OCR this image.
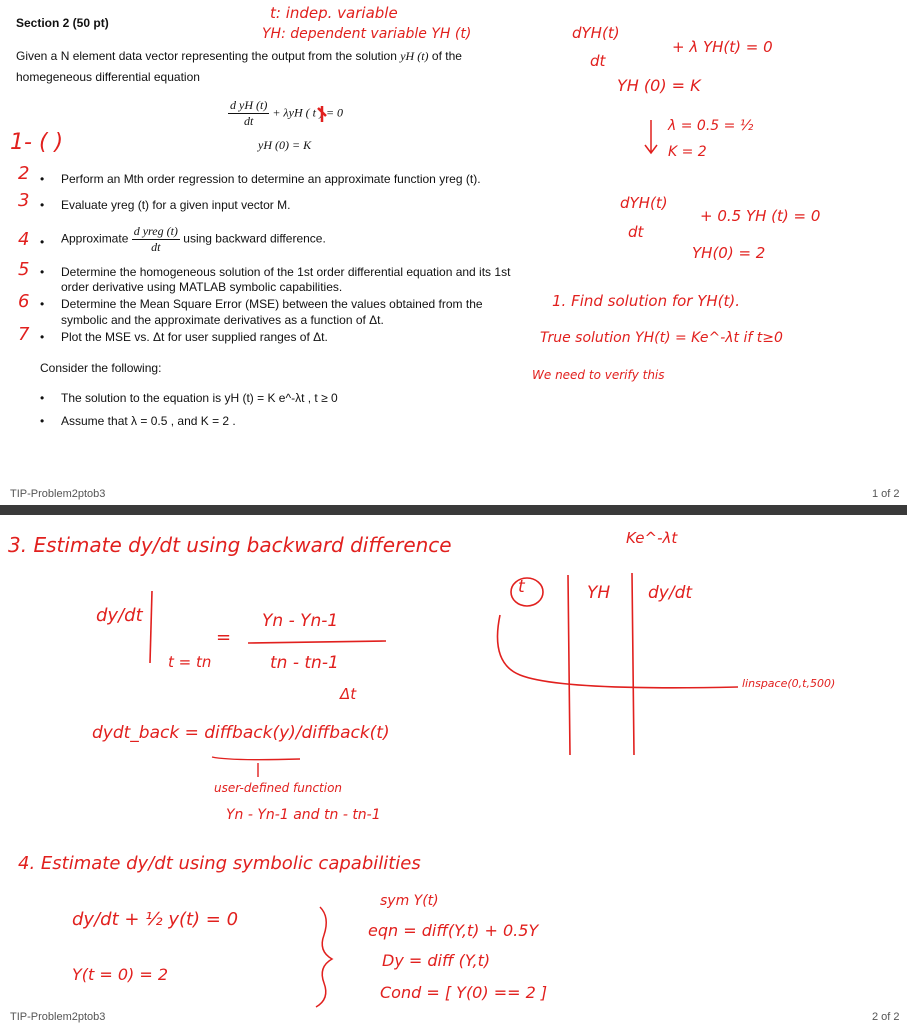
Section 2 (50 pt)
Given a N element data vector representing the output from the solution yH (t) of the
homegeneous differential equation
$\frac{\text{d yH (t)}}{dt} + \lambda yH$ ( t ) = 0
yH (0) = K
1- ( )
2 • Perform an Mth order regression to determine an approximate function yreg (t).
3 • Evaluate yreg (t) for a given input vector M.
4 • Approximate $\frac{\text{d yreg (t)}}{dt}$ using backward difference.
5 • Determine the homogeneous solution of the 1st order differential equation and its 1st
order derivative using MATLAB symbolic capabilities.
6 • Determine the Mean Square Error (MSE) between the values obtained from the
symbolic and the approximate derivatives as a function of Δt.
7 • Plot the MSE vs. Δt for user supplied ranges of Δt.
Consider the following:
• The solution to the equation is yH (t) = K e^-λt , t ≥ 0
• Assume that λ = 0.5 , and K = 2 .
TIP-Problem2ptob3	1 of 2
t: indep. variable
YH: dependent variable YH (t)	dYH(t)
dt
+ λ YH(t) = 0
YH (0) = K
λ = 0.5 = ½
K = 2
dYH(t)
dt
+ 0.5 YH (t) = 0
YH(0) = 2
1. Find solution for YH(t).
True solution YH(t) = Ke^-λt if t≥0
We need to verify this
3. Estimate dy/dt using backward difference	Ke^-λt
t	YH dy/dt
linspace(0,t,500)
dy/dt
t = tn
=
Yn - Yn-1
tn - tn-1
Δt
dydt_back = diffback(y)/diffback(t)
user-defined function
Yn - Yn-1 and tn - tn-1
4. Estimate dy/dt using symbolic capabilities
dy/dt + ½ y(t) = 0
Y(t = 0) = 2
sym Y(t)
eqn = diff(Y,t) + 0.5Y
Dy = diff (Y,t)
Cond = [ Y(0) == 2 ]
TIP-Problem2ptob3	2 of 2
